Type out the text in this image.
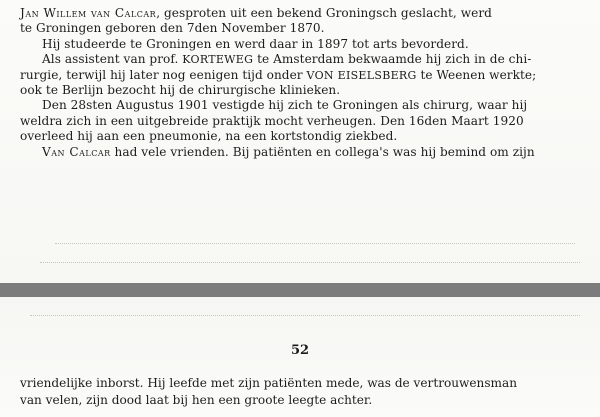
Jan Willem van Calcar, gesproten uit een bekend Groningsch geslacht, werd
te Groningen geboren den 7den November 1870.
Hij studeerde te Groningen en werd daar in 1897 tot arts bevorderd.
Als assistent van prof. KORTEWEG te Amsterdam bekwaamde hij zich in de chi-
rurgie, terwijl hij later nog eenigen tijd onder VON EISELSBERG te Weenen werkte;
ook te Berlijn bezocht hij de chirurgische klinieken.
Den 28sten Augustus 1901 vestigde hij zich te Groningen als chirurg, waar hij
weldra zich in een uitgebreide praktijk mocht verheugen. Den 16den Maart 1920
overleed hij aan een pneumonie, na een kortstondig ziekbed.
Van Calcar had vele vrienden. Bij patiënten en collega's was hij bemind om zijn
52
vriendelijke inborst. Hij leefde met zijn patiënten mede, was de vertrouwensman
van velen, zijn dood laat bij hen een groote leegte achter.
